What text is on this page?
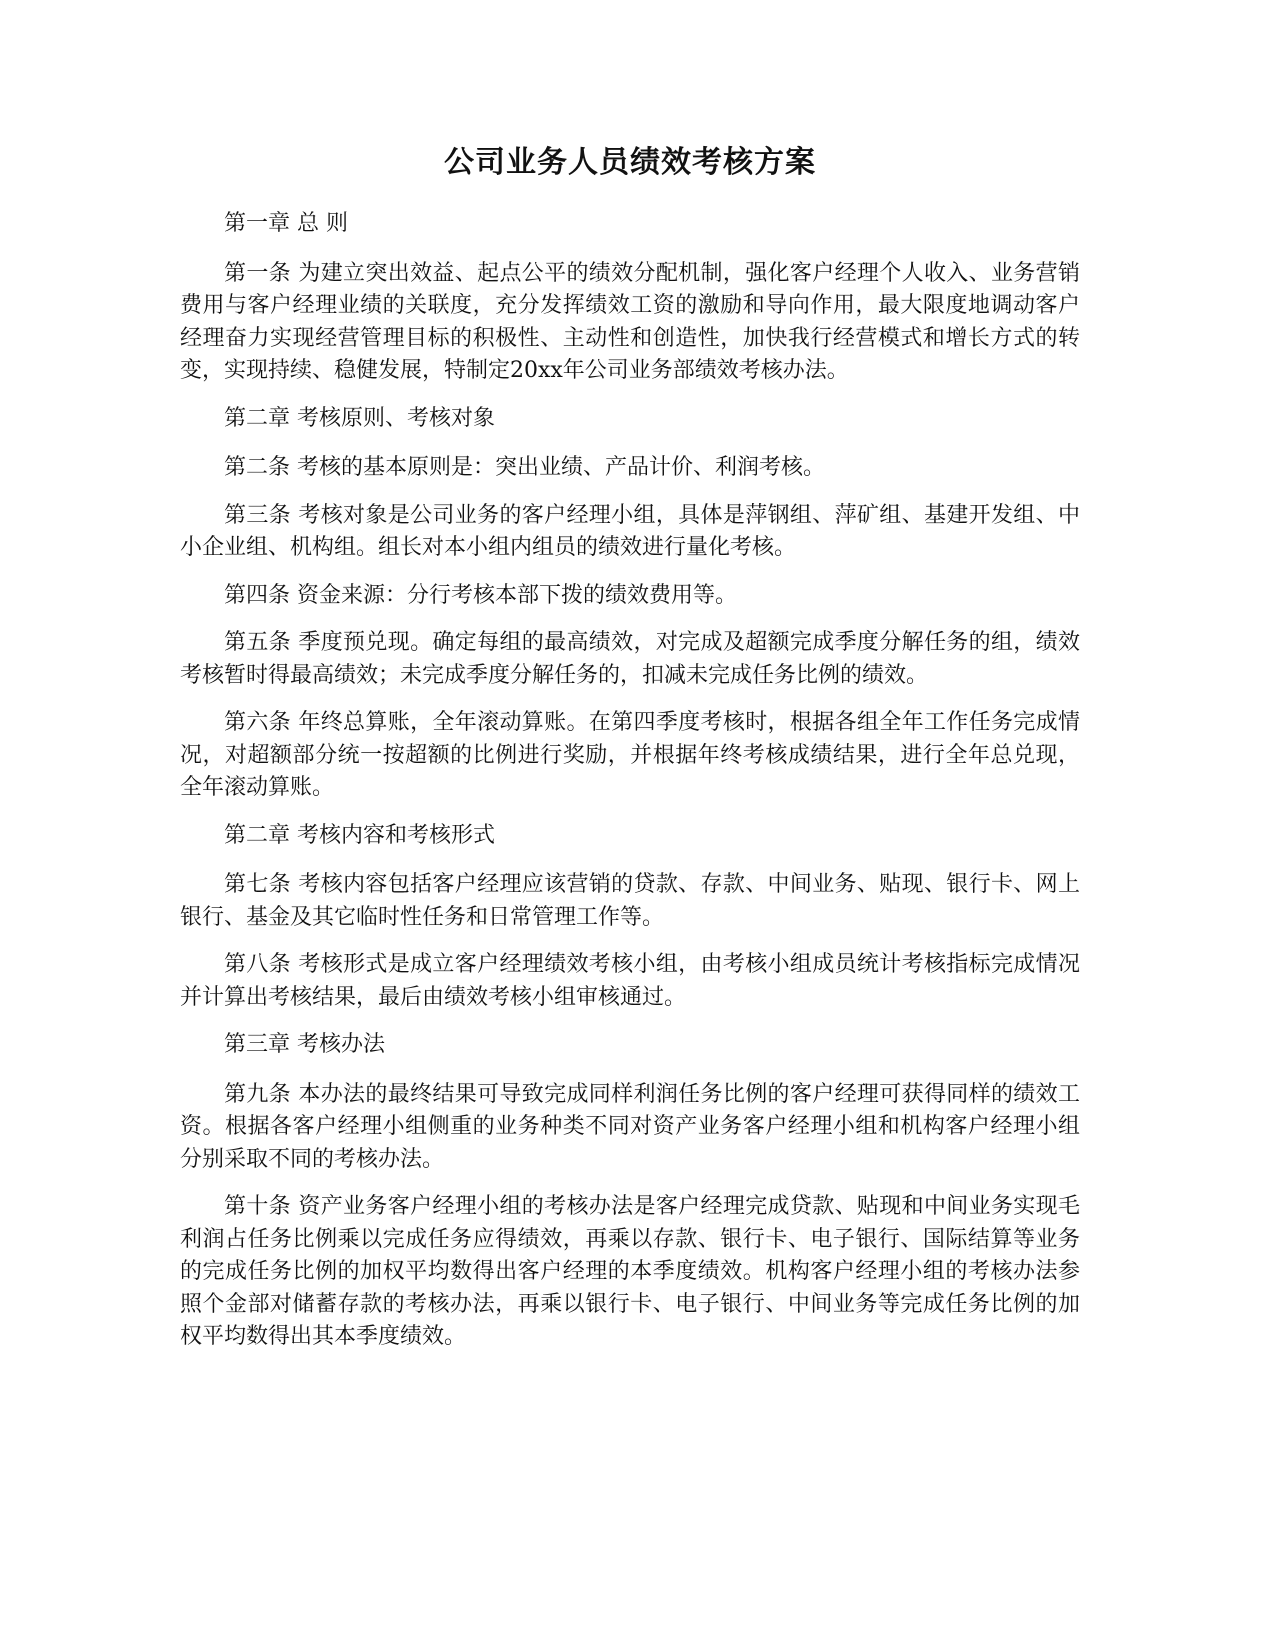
公司业务人员绩效考核方案

第一章 总 则

第一条 为建立突出效益、起点公平的绩效分配机制，强化客户经理个人收入、业务营销费用与客户经理业绩的关联度，充分发挥绩效工资的激励和导向作用，最大限度地调动客户经理奋力实现经营管理目标的积极性、主动性和创造性，加快我行经营模式和增长方式的转变，实现持续、稳健发展，特制定20xx年公司业务部绩效考核办法。

第二章 考核原则、考核对象

第二条 考核的基本原则是：突出业绩、产品计价、利润考核。

第三条 考核对象是公司业务的客户经理小组，具体是萍钢组、萍矿组、基建开发组、中小企业组、机构组。组长对本小组内组员的绩效进行量化考核。

第四条 资金来源：分行考核本部下拨的绩效费用等。

第五条 季度预兑现。确定每组的最高绩效，对完成及超额完成季度分解任务的组，绩效考核暂时得最高绩效；未完成季度分解任务的，扣减未完成任务比例的绩效。

第六条 年终总算账，全年滚动算账。在第四季度考核时，根据各组全年工作任务完成情况，对超额部分统一按超额的比例进行奖励，并根据年终考核成绩结果，进行全年总兑现，全年滚动算账。

第二章 考核内容和考核形式

第七条 考核内容包括客户经理应该营销的贷款、存款、中间业务、贴现、银行卡、网上银行、基金及其它临时性任务和日常管理工作等。

第八条 考核形式是成立客户经理绩效考核小组，由考核小组成员统计考核指标完成情况并计算出考核结果，最后由绩效考核小组审核通过。

第三章 考核办法

第九条 本办法的最终结果可导致完成同样利润任务比例的客户经理可获得同样的绩效工资。根据各客户经理小组侧重的业务种类不同对资产业务客户经理小组和机构客户经理小组分别采取不同的考核办法。

第十条 资产业务客户经理小组的考核办法是客户经理完成贷款、贴现和中间业务实现毛利润占任务比例乘以完成任务应得绩效，再乘以存款、银行卡、电子银行、国际结算等业务的完成任务比例的加权平均数得出客户经理的本季度绩效。机构客户经理小组的考核办法参照个金部对储蓄存款的考核办法，再乘以银行卡、电子银行、中间业务等完成任务比例的加权平均数得出其本季度绩效。
